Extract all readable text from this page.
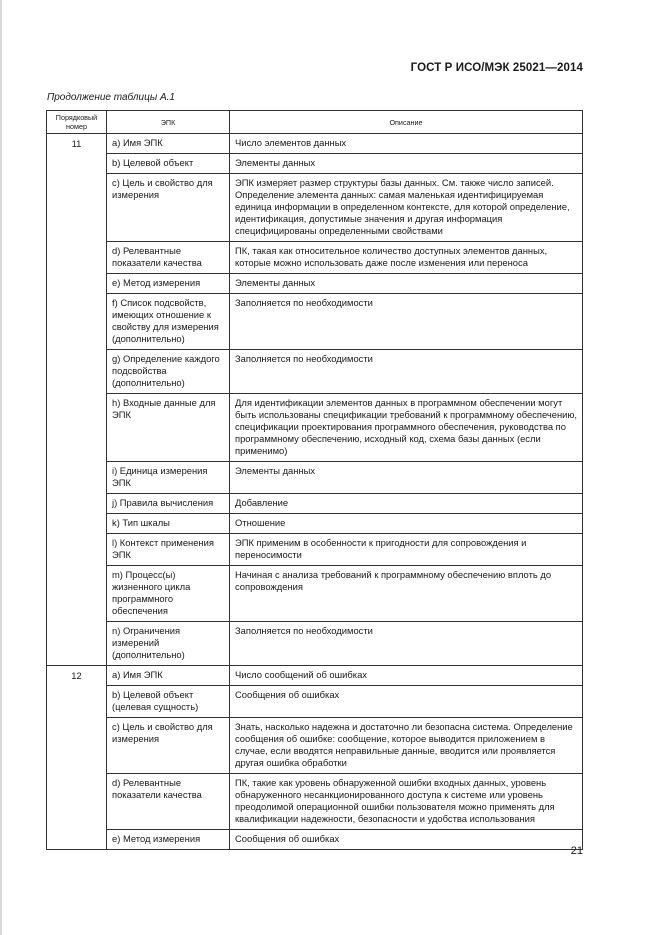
ГОСТ Р ИСО/МЭК 25021—2014
Продолжение таблицы А.1
Порядковый номер	ЭПК	Описание
11	a) Имя ЭПК	Число элементов данных
	b) Целевой объект	Элементы данных
	c) Цель и свойство для измерения	ЭПК измеряет размер структуры базы данных. См. также число записей. Определение элемента данных: самая маленькая идентифицируемая единица информации в определенном контексте, для которой определение, идентификация, допустимые значения и другая информация специфицированы определенными свойствами
	d) Релевантные показатели качества	ПК, такая как относительное количество доступных элементов данных, которые можно использовать даже после изменения или переноса
	e) Метод измерения	Элементы данных
	f) Список подсвойств, имеющих отношение к свойству для измерения (дополнительно)	Заполняется по необходимости
	g) Определение каждого подсвойства (дополнительно)	Заполняется по необходимости
	h) Входные данные для ЭПК	Для идентификации элементов данных в программном обеспечении могут быть использованы спецификации требований к программному обеспечению, спецификации проектирования программного обеспечения, руководства по программному обеспечению, исходный код, схема базы данных (если применимо)
	i) Единица измерения ЭПК	Элементы данных
	j) Правила вычисления	Добавление
	k) Тип шкалы	Отношение
	l) Контекст применения ЭПК	ЭПК применим в особенности к пригодности для сопровождения и переносимости
	m) Процесс(ы) жизненного цикла программного обеспечения	Начиная с анализа требований к программному обеспечению вплоть до сопровождения
	n) Ограничения измерений (дополнительно)	Заполняется по необходимости
12	a) Имя ЭПК	Число сообщений об ошибках
	b) Целевой объект (целевая сущность)	Сообщения об ошибках
	c) Цель и свойство для измерения	Знать, насколько надежна и достаточно ли безопасна система. Определение сообщения об ошибке: сообщение, которое выводится приложением в случае, если вводятся неправильные данные, вводится или проявляется другая ошибка обработки
	d) Релевантные показатели качества	ПК, такие как уровень обнаруженной ошибки входных данных, уровень обнаруженного несанкционированного доступа к системе или уровень преодолимой операционной ошибки пользователя можно применять для квалификации надежности, безопасности и удобства использования
	e) Метод измерения	Сообщения об ошибках
21
